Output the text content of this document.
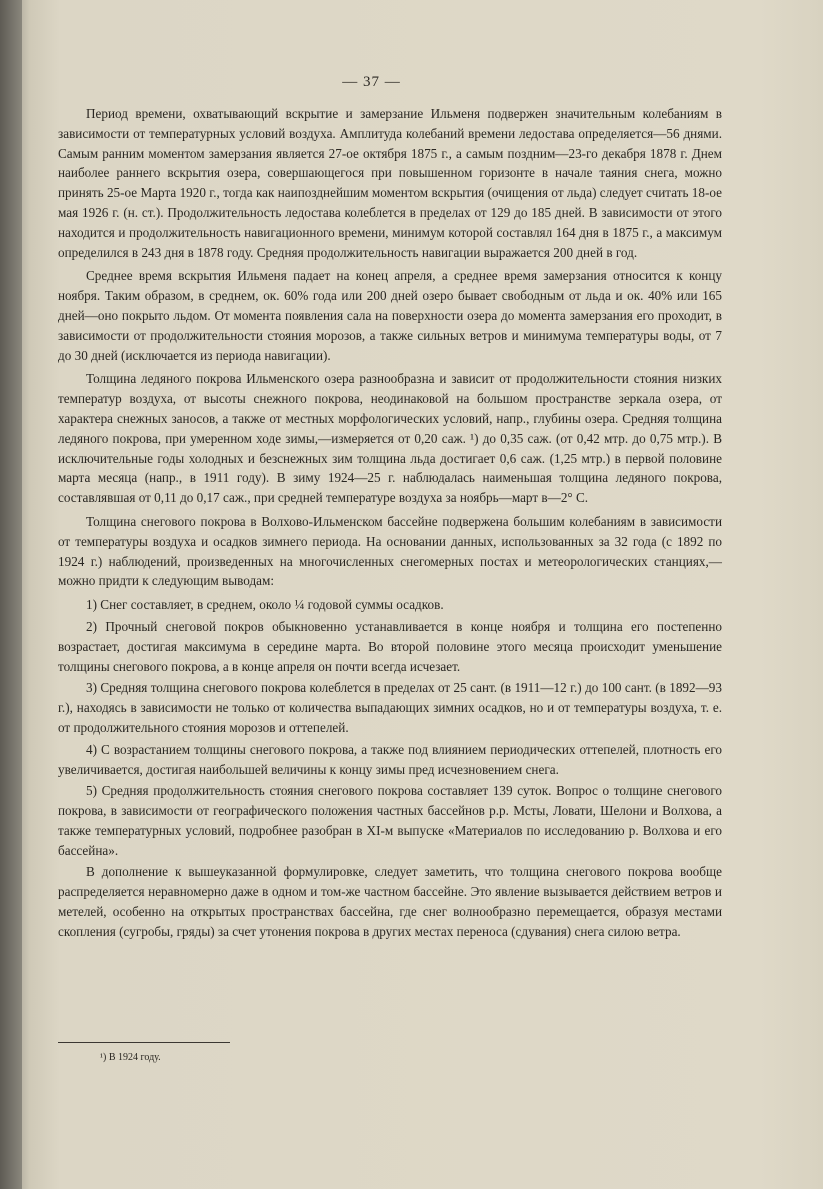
— 37 —

Период времени, охватывающий вскрытие и замерзание Ильменя подвержен значительным колебаниям в зависимости от температурных условий воздуха. Амплитуда колебаний времени ледостава определяется—56 днями. Самым ранним моментом замерзания является 27-ое октября 1875 г., а самым поздним—23-го декабря 1878 г. Днем наиболее раннего вскрытия озера, совершающегося при повышенном горизонте в начале таяния снега, можно принять 25-ое Марта 1920 г., тогда как наипозднейшим моментом вскрытия (очищения от льда) следует считать 18-ое мая 1926 г. (н. ст.). Продолжительность ледостава колеблется в пределах от 129 до 185 дней. В зависимости от этого находится и продолжительность навигационного времени, минимум которой составлял 164 дня в 1875 г., а максимум определился в 243 дня в 1878 году. Средняя продолжительность навигации выражается 200 дней в год.

Среднее время вскрытия Ильменя падает на конец апреля, а среднее время замерзания относится к концу ноября. Таким образом, в среднем, ок. 60% года или 200 дней озеро бывает свободным от льда и ок. 40% или 165 дней—оно покрыто льдом. От момента появления сала на поверхности озера до момента замерзания его проходит, в зависимости от продолжительности стояния морозов, а также сильных ветров и минимума температуры воды, от 7 до 30 дней (исключается из периода навигации).

Толщина ледяного покрова Ильменского озера разнообразна и зависит от продолжительности стояния низких температур воздуха, от высоты снежного покрова, неодинаковой на большом пространстве зеркала озера, от характера снежных заносов, а также от местных морфологических условий, напр., глубины озера. Средняя толщина ледяного покрова, при умеренном ходе зимы,—измеряется от 0,20 саж. ¹) до 0,35 саж. (от 0,42 мтр. до 0,75 мтр.). В исключительные годы холодных и безснежных зим толщина льда достигает 0,6 саж. (1,25 мтр.) в первой половине марта месяца (напр., в 1911 году). В зиму 1924—25 г. наблюдалась наименьшая толщина ледяного покрова, составлявшая от 0,11 до 0,17 саж., при средней температуре воздуха за ноябрь—март в—2° С.

Толщина снегового покрова в Волхово-Ильменском бассейне подвержена большим колебаниям в зависимости от температуры воздуха и осадков зимнего периода. На основании данных, использованных за 32 года (с 1892 по 1924 г.) наблюдений, произведенных на многочисленных снегомерных постах и метеорологических станциях,—можно придти к следующим выводам:

1) Снег составляет, в среднем, около ¼ годовой суммы осадков.

2) Прочный снеговой покров обыкновенно устанавливается в конце ноября и толщина его постепенно возрастает, достигая максимума в середине марта. Во второй половине этого месяца происходит уменьшение толщины снегового покрова, а в конце апреля он почти всегда исчезает.

3) Средняя толщина снегового покрова колеблется в пределах от 25 сант. (в 1911—12 г.) до 100 сант. (в 1892—93 г.), находясь в зависимости не только от количества выпадающих зимних осадков, но и от температуры воздуха, т. е. от продолжительного стояния морозов и оттепелей.

4) С возрастанием толщины снегового покрова, а также под влиянием периодических оттепелей, плотность его увеличивается, достигая наибольшей величины к концу зимы пред исчезновением снега.

5) Средняя продолжительность стояния снегового покрова составляет 139 суток. Вопрос о толщине снегового покрова, в зависимости от географического положения частных бассейнов р.р. Мсты, Ловати, Шелони и Волхова, а также температурных условий, подробнее разобран в XI-м выпуске «Материалов по исследованию р. Волхова и его бассейна».

В дополнение к вышеуказанной формулировке, следует заметить, что толщина снегового покрова вообще распределяется неравномерно даже в одном и том-же частном бассейне. Это явление вызывается действием ветров и метелей, особенно на открытых пространствах бассейна, где снег волнообразно перемещается, образуя местами скопления (сугробы, гряды) за счет утонения покрова в других местах переноса (сдувания) снега силою ветра.

¹) В 1924 году.
